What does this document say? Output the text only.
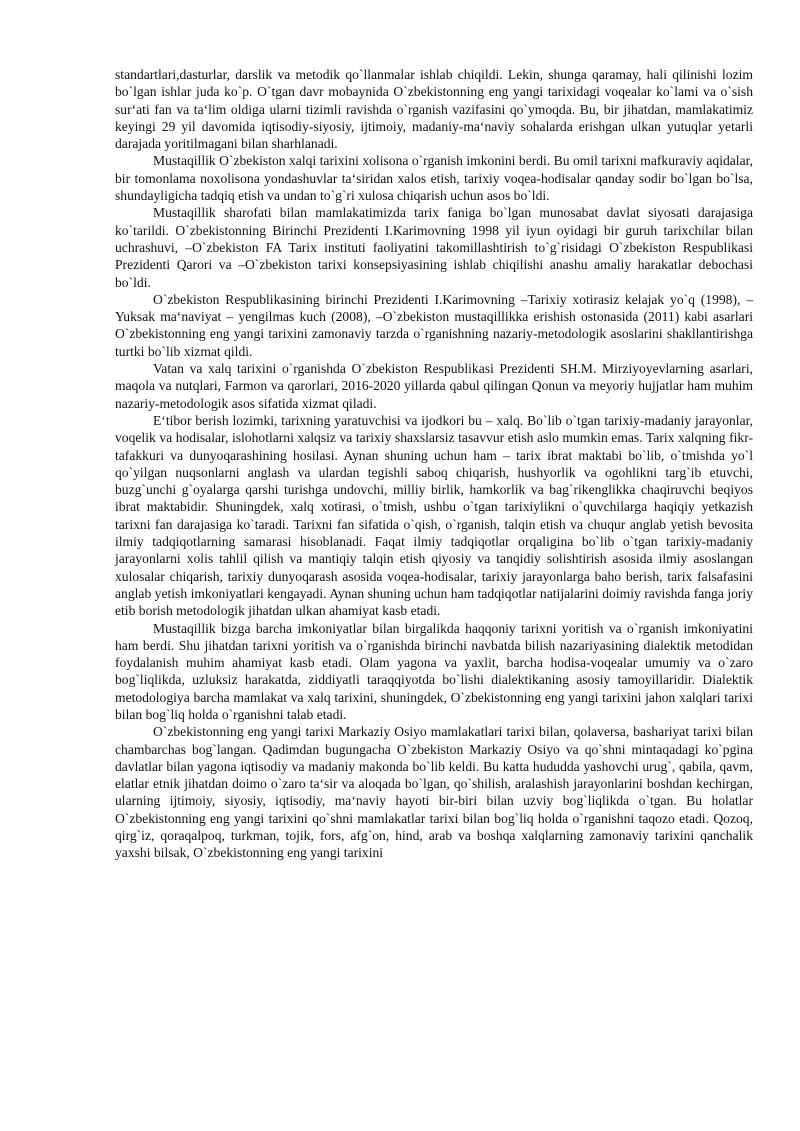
standartlari,dasturlar, darslik va metodik qo`llanmalar ishlab chiqildi. Lekin, shunga qaramay, hali qilinishi lozim bo`lgan ishlar juda ko`p. O`tgan davr mobaynida O`zbekistonning eng yangi tarixidagi voqealar ko`lami va o`sish sur‘ati fan va ta‘lim oldiga ularni tizimli ravishda o`rganish vazifasini qo`ymoqda. Bu, bir jihatdan, mamlakatimiz keyingi 29 yil davomida iqtisodiy-siyosiy, ijtimoiy, madaniy-ma‘naviy sohalarda erishgan ulkan yutuqlar yetarli darajada yoritilmagani bilan sharhlanadi.

Mustaqillik O`zbekiston xalqi tarixini xolisona o`rganish imkonini berdi. Bu omil tarixni mafkuraviy aqidalar, bir tomonlama noxolisona yondashuvlar ta‘siridan xalos etish, tarixiy voqea-hodisalar qanday sodir bo`lgan bo`lsa, shundayligicha tadqiq etish va undan to`g`ri xulosa chiqarish uchun asos bo`ldi.

Mustaqillik sharofati bilan mamlakatimizda tarix faniga bo`lgan munosabat davlat siyosati darajasiga ko`tarildi. O`zbekistonning Birinchi Prezidenti I.Karimovning 1998 yil iyun oyidagi bir guruh tarixchilar bilan uchrashuvi, –O`zbekiston FA Tarix instituti faoliyatini takomillashtirish to`g`risidagi O`zbekiston Respublikasi Prezidenti Qarori va –O`zbekiston tarixi konsepsiyasining ishlab chiqilishi anashu amaliy harakatlar debochasi bo`ldi.

O`zbekiston Respublikasining birinchi Prezidenti I.Karimovning –Tarixiy xotirasiz kelajak yo`q (1998), –Yuksak ma‘naviyat – yengilmas kuch (2008), –O`zbekiston mustaqillikka erishish ostonasida (2011) kabi asarlari O`zbekistonning eng yangi tarixini zamonaviy tarzda o`rganishning nazariy-metodologik asoslarini shakllantirishga turtki bo`lib xizmat qildi.

Vatan va xalq tarixini o`rganishda O`zbekiston Respublikasi Prezidenti SH.M. Mirziyoyevlarning asarlari, maqola va nutqlari, Farmon va qarorlari, 2016-2020 yillarda qabul qilingan Qonun va meyoriy hujjatlar ham muhim nazariy-metodologik asos sifatida xizmat qiladi.

E‘tibor berish lozimki, tarixning yaratuvchisi va ijodkori bu – xalq. Bo`lib o`tgan tarixiy-madaniy jarayonlar, voqelik va hodisalar, islohotlarni xalqsiz va tarixiy shaxslarsiz tasavvur etish aslo mumkin emas. Tarix xalqning fikr-tafakkuri va dunyoqarashining hosilasi. Aynan shuning uchun ham – tarix ibrat maktabi bo`lib, o`tmishda yo`l qo`yilgan nuqsonlarni anglash va ulardan tegishli saboq chiqarish, hushyorlik va ogohlikni targ`ib etuvchi, buzg`unchi g`oyalarga qarshi turishga undovchi, milliy birlik, hamkorlik va bag`rikenglikka chaqiruvchi beqiyos ibrat maktabidir. Shuningdek, xalq xotirasi, o`tmish, ushbu o`tgan tarixiylikni o`quvchilarga haqiqiy yetkazish tarixni fan darajasiga ko`taradi. Tarixni fan sifatida o`qish, o`rganish, talqin etish va chuqur anglab yetish bevosita ilmiy tadqiqotlarning samarasi hisoblanadi. Faqat ilmiy tadqiqotlar orqaligina bo`lib o`tgan tarixiy-madaniy jarayonlarni xolis tahlil qilish va mantiqiy talqin etish qiyosiy va tanqidiy solishtirish asosida ilmiy asoslangan xulosalar chiqarish, tarixiy dunyoqarash asosida voqea-hodisalar, tarixiy jarayonlarga baho berish, tarix falsafasini anglab yetish imkoniyatlari kengayadi. Aynan shuning uchun ham tadqiqotlar natijalarini doimiy ravishda fanga joriy etib borish metodologik jihatdan ulkan ahamiyat kasb etadi.

Mustaqillik bizga barcha imkoniyatlar bilan birgalikda haqqoniy tarixni yoritish va o`rganish imkoniyatini ham berdi. Shu jihatdan tarixni yoritish va o`rganishda birinchi navbatda bilish nazariyasining dialektik metodidan foydalanish muhim ahamiyat kasb etadi. Olam yagona va yaxlit, barcha hodisa-voqealar umumiy va o`zaro bog`liqlikda, uzluksiz harakatda, ziddiyatli taraqqiyotda bo`lishi dialektikaning asosiy tamoyillaridir. Dialektik metodologiya barcha mamlakat va xalq tarixini, shuningdek, O`zbekistonning eng yangi tarixini jahon xalqlari tarixi bilan bog`liq holda o`rganishni talab etadi.

O`zbekistonning eng yangi tarixi Markaziy Osiyo mamlakatlari tarixi bilan, qolaversa, bashariyat tarixi bilan chambarchas bog`langan. Qadimdan bugungacha O`zbekiston Markaziy Osiyo va qo`shni mintaqadagi ko`pgina davlatlar bilan yagona iqtisodiy va madaniy makonda bo`lib keldi. Bu katta hududda yashovchi urug`, qabila, qavm, elatlar etnik jihatdan doimo o`zaro ta‘sir va aloqada bo`lgan, qo`shilish, aralashish jarayonlarini boshdan kechirgan, ularning ijtimoiy, siyosiy, iqtisodiy, ma‘naviy hayoti bir-biri bilan uzviy bog`liqlikda o`tgan. Bu holatlar O`zbekistonning eng yangi tarixini qo`shni mamlakatlar tarixi bilan bog`liq holda o`rganishni taqozo etadi. Qozoq, qirg`iz, qoraqalpoq, turkman, tojik, fors, afg`on, hind, arab va boshqa xalqlarning zamonaviy tarixini qanchalik yaxshi bilsak, O`zbekistonning eng yangi tarixini
